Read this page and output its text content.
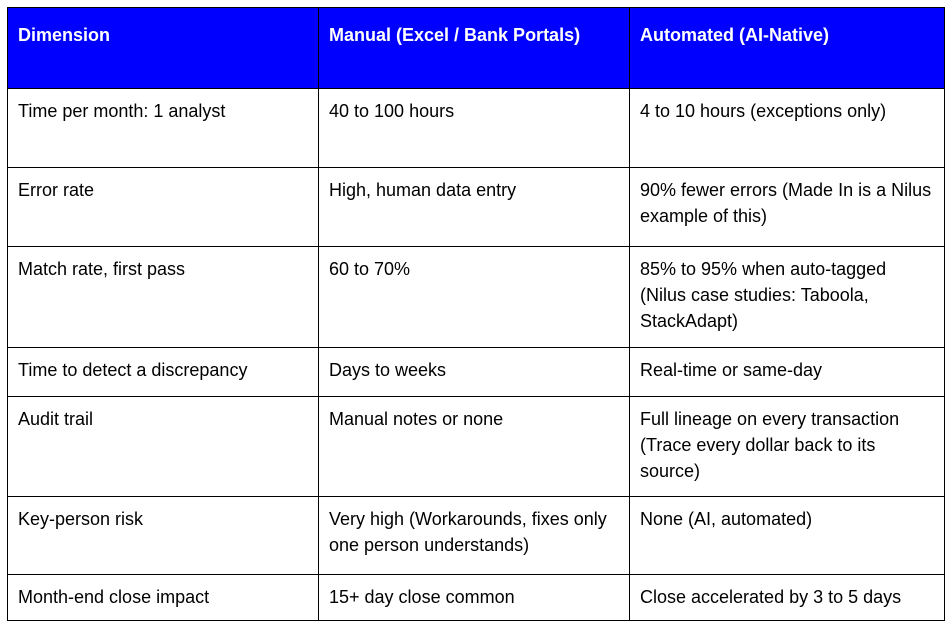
Dimension	Manual (Excel / Bank Portals)	Automated (AI-Native)
Time per month: 1 analyst	40 to 100 hours	4 to 10 hours (exceptions only)
Error rate	High, human data entry	90% fewer errors (Made In is a Nilus example of this)
Match rate, first pass	60 to 70%	85% to 95% when auto-tagged (Nilus case studies: Taboola, StackAdapt)
Time to detect a discrepancy	Days to weeks	Real-time or same-day
Audit trail	Manual notes or none	Full lineage on every transaction (Trace every dollar back to its source)
Key-person risk	Very high (Workarounds, fixes only one person understands)	None (AI, automated)
Month-end close impact	15+ day close common	Close accelerated by 3 to 5 days
